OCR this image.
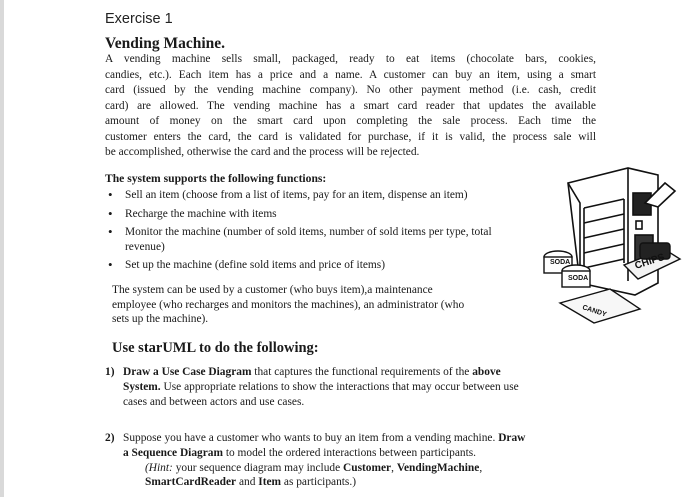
Exercise 1
Vending Machine.
A vending machine sells small, packaged, ready to eat items (chocolate bars, cookies,
candies, etc.). Each item has a price and a name. A customer can buy an item, using a smart
card (issued by the vending machine company). No other payment method (i.e. cash, credit
card) are allowed. The vending machine has a smart card reader that updates the available
amount of money on the smart card upon completing the sale process. Each time the
customer enters the card, the card is validated for purchase, if it is valid, the process sale will
be accomplished, otherwise the card and the process will be rejected.
The system supports the following functions:
• Sell an item (choose from a list of items, pay for an item, dispense an item)
• Recharge the machine with items
• Monitor the machine (number of sold items, number of sold items per type, total revenue)
• Set up the machine (define sold items and price of items)
The system can be used by a customer (who buys item),a maintenance
employee (who recharges and monitors the machines), an administrator (who
sets up the machine).
Use starUML to do the following:
1) Draw a Use Case Diagram that captures the functional requirements of the above
System. Use appropriate relations to show the interactions that may occur between use
cases and between actors and use cases.
2) Suppose you have a customer who wants to buy an item from a vending machine. Draw
a Sequence Diagram to model the ordered interactions between participants.
(Hint: your sequence diagram may include Customer, VendingMachine,
SmartCardReader and Item as participants.)
SODA
SODA
CHIPS
CANDY
